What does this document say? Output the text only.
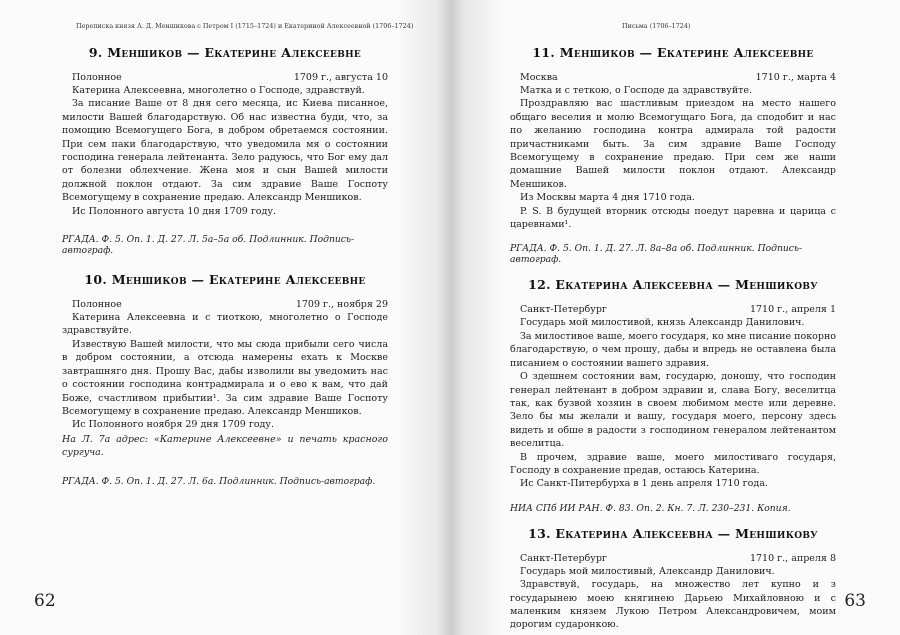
Переписка князя А. Д. Меншикова с Петром I (1715–1724) и Екатериной Алексеевной (1706–1724)
9. Меншиков — Екатерине Алексеевне
Полонное	1709 г., августа 10

Катерина Алексеевна, многолетно о Господе, здравствуй.

За писание Ваше от 8 дня сего месяца, ис Киева писанное, милости Вашей благодарствую. Об нас известна буди, что, за помощию Всемогущего Бога, в добром обретаемся состоянии. При сем паки благодарствую, что уведомила мя о состоянии господина генерала лейтенанта. Зело радуюсь, что Бог ему дал от болезни облехчение. Жена моя и сын Вашей милости должной поклон отдают. За сим здравие Ваше Госпоту Всемогущему в сохранение предаю. Александр Меншиков.

Ис Полонного августа 10 дня 1709 году.

РГАДА. Ф. 5. Оп. 1. Д. 27. Л. 5а–5а об. Подлинник. Подпись-автограф.
10. Меншиков — Екатерине Алексеевне
Полонное	1709 г., ноября 29

Катерина Алексеевна и с тиоткою, многолетно о Господе здравствуйте.

Извествую Вашей милости, что мы сюда прибыли сего числа в добром состоянии, а отсюда намерены ехать к Москве завтрашняго дня. Прошу Вас, дабы изволили вы уведомить нас о состоянии господина контрадмирала и о ево к вам, что дай Боже, счастливом прибытии¹. За сим здравие Ваше Госпоту Всемогущему в сохранение предаю. Александр Меншиков.

Ис Полонного ноября 29 дня 1709 году.

На Л. 7а адрес: «Катерине Алексеевне» и печать красного сургуча.

РГАДА. Ф. 5. Оп. 1. Д. 27. Л. 6а. Подлинник. Подпись-автограф.
62
Письма (1706–1724)
11. Меншиков — Екатерине Алексеевне
Москва	1710 г., марта 4

Матка и с теткою, о Господе да здравствуйте.

Проздравляю вас шастливым приездом на место нашего общаго веселия и молю Всемогущаго Бога, да сподобит и нас по желанию господина контра адмирала той радости причастниками быть. За сим здравие Ваше Господу Всемогущему в сохранение предаю. При сем же наши домашние Вашей милости поклон отдают. Александр Меншиков.

Из Москвы марта 4 дня 1710 года.

P. S. В будущей вторник отсюды поедут царевна и царица с царевнами¹.

РГАДА. Ф. 5. Оп. 1. Д. 27. Л. 8а–8а об. Подлинник. Подпись-автограф.
12. Екатерина Алексеевна — Меншикову
Санкт-Петербург	1710 г., апреля 1

Государь мой милостивой, князь Александр Данилович.

За милостивое ваше, моего государя, ко мне писание покорно благодарствую, о чем прошу, дабы и впредь не оставлена была писанием о состоянии вашего здравия.

О здешнем состоянии вам, государю, доношу, что господин генерал лейтенант в добром здравии и, слава Богу, веселитца так, как бузвой хозяин в своем любимом месте или деревне. Зело бы мы желали и вашу, государя моего, персону здесь видеть и обше в радости з господином генералом лейтенантом веселитца.

В прочем, здравие ваше, моего милостиваго государя, Господу в сохранение предав, остаюсь Катерина.

Ис Санкт-Питербурха в 1 день апреля 1710 года.

НИА СПб ИИ РАН. Ф. 83. Оп. 2. Кн. 7. Л. 230–231. Копия.
13. Екатерина Алексеевна — Меншикову
Санкт-Петербург	1710 г., апреля 8

Государь мой милостивый, Александр Данилович.

Здравствуй, государь, на множество лет купно и з государынею моею княгинею Дарьею Михайловною и с маленким князем Лукою Петром Александровичем, моим дорогим сударонкою.

63
